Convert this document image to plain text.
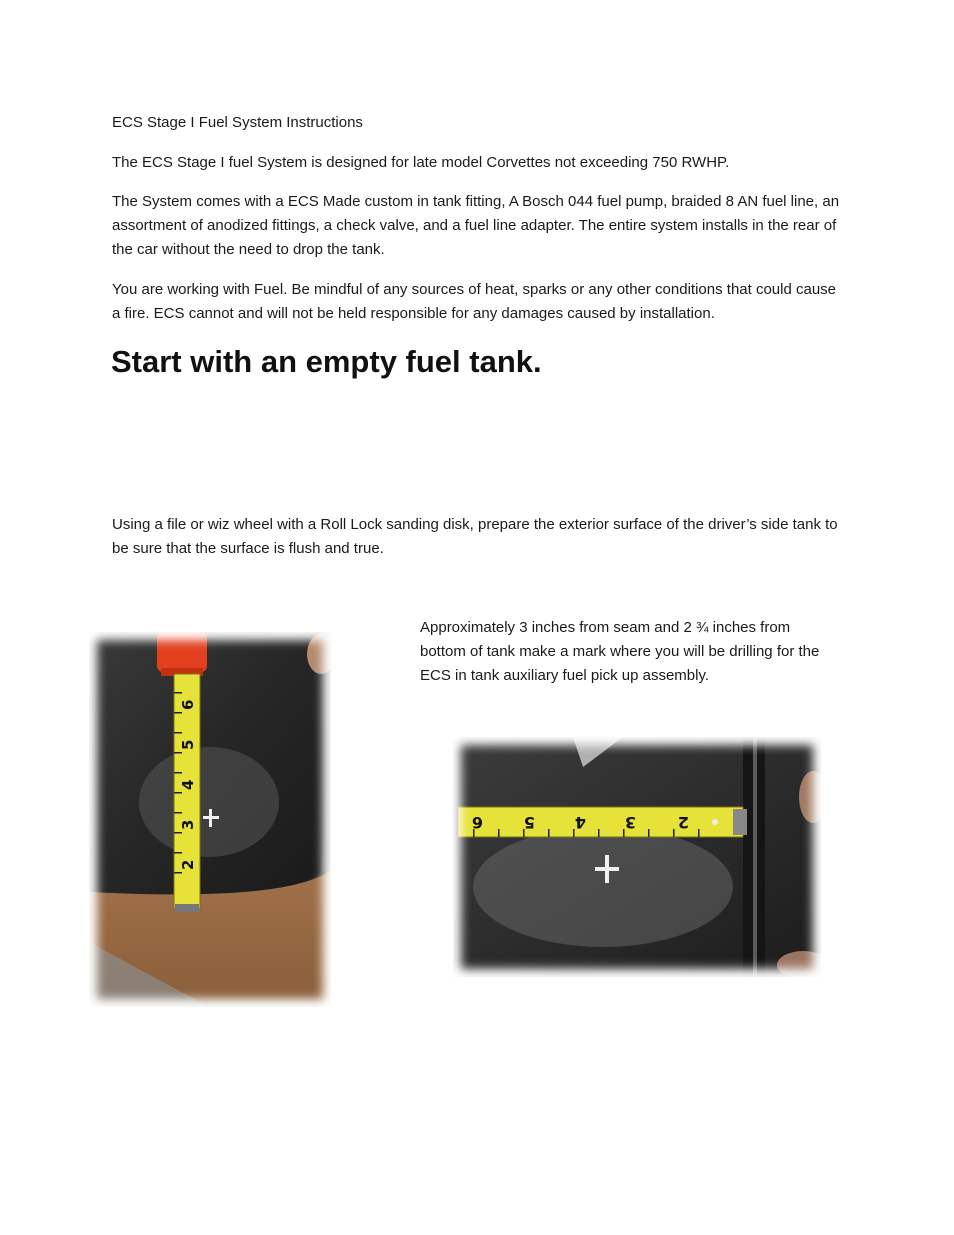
ECS Stage I Fuel System Instructions

The ECS Stage I fuel System is designed for late model Corvettes not exceeding 750 RWHP.

The System comes with a ECS Made custom in tank fitting, A Bosch 044 fuel pump, braided 8 AN fuel line, an assortment of anodized fittings, a check valve, and a fuel line adapter. The entire system installs in the rear of the car without the need to drop the tank.

You are working with Fuel. Be mindful of any sources of heat, sparks or any other conditions that could cause a fire. ECS cannot and will not be held responsible for any damages caused by installation.

Start with an empty fuel tank.

Using a file or wiz wheel with a Roll Lock sanding disk, prepare the exterior surface of the driver’s side tank to be sure that the surface is flush and true.

Approximately 3 inches from seam and 2 ¾ inches from bottom of tank make a mark where you will be drilling for the ECS in tank auxiliary fuel pick up assembly.

6
5
4
3
2
6	5 4 3	2
